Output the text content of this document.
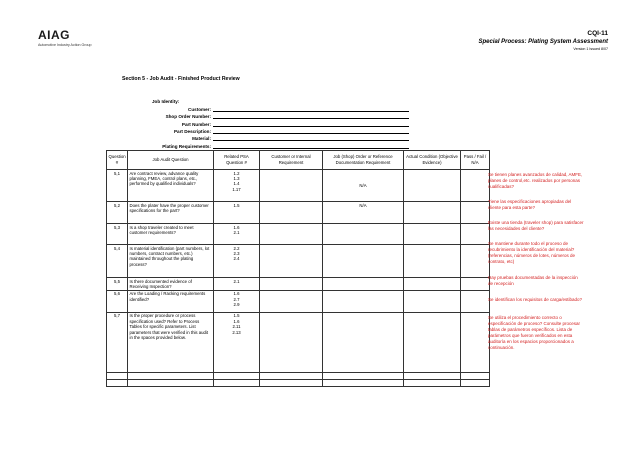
AIAG
Automotive Industry Action Group
CQI-11
Special Process: Plating System Assessment
Version 1 Issued 8/07
Section 5 - Job Audit - Finished Product Review
Job Identity:
Customer:
Shop Order Number:
Part Number:
Part Description:
Material:
Plating Requirements:
Question #	Job Audit Question	Related PSA Question #	Customer or Internal Requirement	Job (Shop) Order or Reference Documentation Requirement	Actual Condition (Objective Evidence)	Pass / Fail / N/A
5,1	Are contract review, advance quality planning, FMEA, control plans, etc., performed by qualified individuals?	1.2
1.3
1.4
1.17		N/A		
5,2	Does the plater have the proper customer specifications for the part?	1.5		N/A		
5,3	Is a shop traveler created to meet customer requirements?	1.6
2.1				
5,4	Is material identification (part numbers, lot numbers, contract numbers, etc.) maintained throughout the plating process?	2.2
2.3
2.4				
5,5	Is there documented evidence of Receiving Inspection?	2.1				
5,6	Are the Loading / Racking requirements identified?	1.6
2.7
2.9				
5,7	Is the proper procedure or process specification used? Refer to Process Tables for specific parameters. List parameters that were verified in this audit in the spaces provided below.	1.5
1.6
2.11
2.13				

Se tienen planes avanzados de calidad, AMFE, planes de control,etc. realizados por personas cualificadas?
Tiene las especificaciones apropiadas del cliente para esta parte?
Existe una tienda (traveler shop) para satisfacer las necesidades del cliente?
Se mantiene durante todo el proceso de recubrimiento la identificación del material? (referencias, números de lotes, números de contrato, etc)
Hay pruebas documentadas de la inspección de recepción
Se identifican los requisitos de carga/estibado?
Se utiliza el procedimiento correcto o especificación de proceso? Consulte procesar tablas de parámetros específicos. Lista de parámetros que fueron verificados en esta auditoría en los espacios proporcionados a continuación.
